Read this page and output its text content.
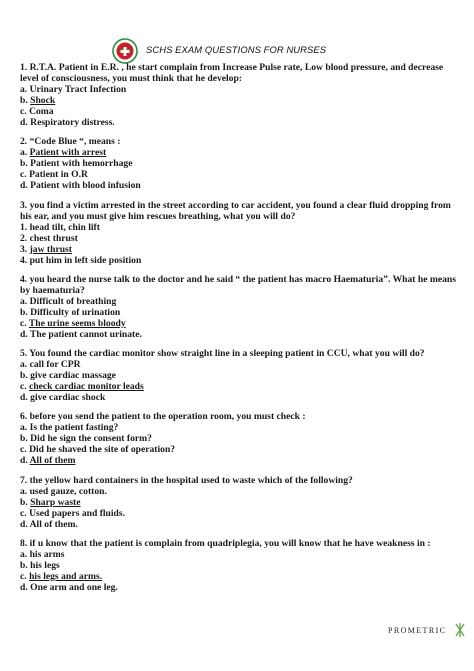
SCHS EXAM QUESTIONS FOR NURSES
1. R.T.A. Patient in E.R. , he start complain from Increase Pulse rate, Low blood pressure, and decrease level of consciousness, you must think that he develop:
a. Urinary Tract Infection
b. Shock
c. Coma
d. Respiratory distress.
2. “Code Blue “, means :
a. Patient with arrest
b. Patient with hemorrhage
c. Patient in O.R
d. Patient with blood infusion
3. you find a victim arrested in the street according to car accident, you found a clear fluid dropping from his ear, and you must give him rescues breathing, what you will do?
1. head tilt, chin lift
2. chest thrust
3. jaw thrust
4. put him in left side position
4. you heard the nurse talk to the doctor and he said “ the patient has macro Haematuria”. What he means by haematuria?
a. Difficult of breathing
b. Difficulty of urination
c. The urine seems bloody
d. The patient cannot urinate.
5. You found the cardiac monitor show straight line in a sleeping patient in CCU, what you will do?
a. call for CPR
b. give cardiac massage
c. check cardiac monitor leads
d. give cardiac shock
6. before you send the patient to the operation room, you must check :
a. Is the patient fasting?
b. Did he sign the consent form?
c. Did he shaved the site of operation?
d. All of them
7. the yellow hard containers in the hospital used to waste which of the following?
a. used gauze, cotton.
b. Sharp waste
c. Used papers and fluids.
d. All of them.
8. if u know that the patient is complain from quadriplegia, you will know that he have weakness in :
a. his arms
b. his legs
c. his legs and arms.
d. One arm and one leg.
PROMETRIC
